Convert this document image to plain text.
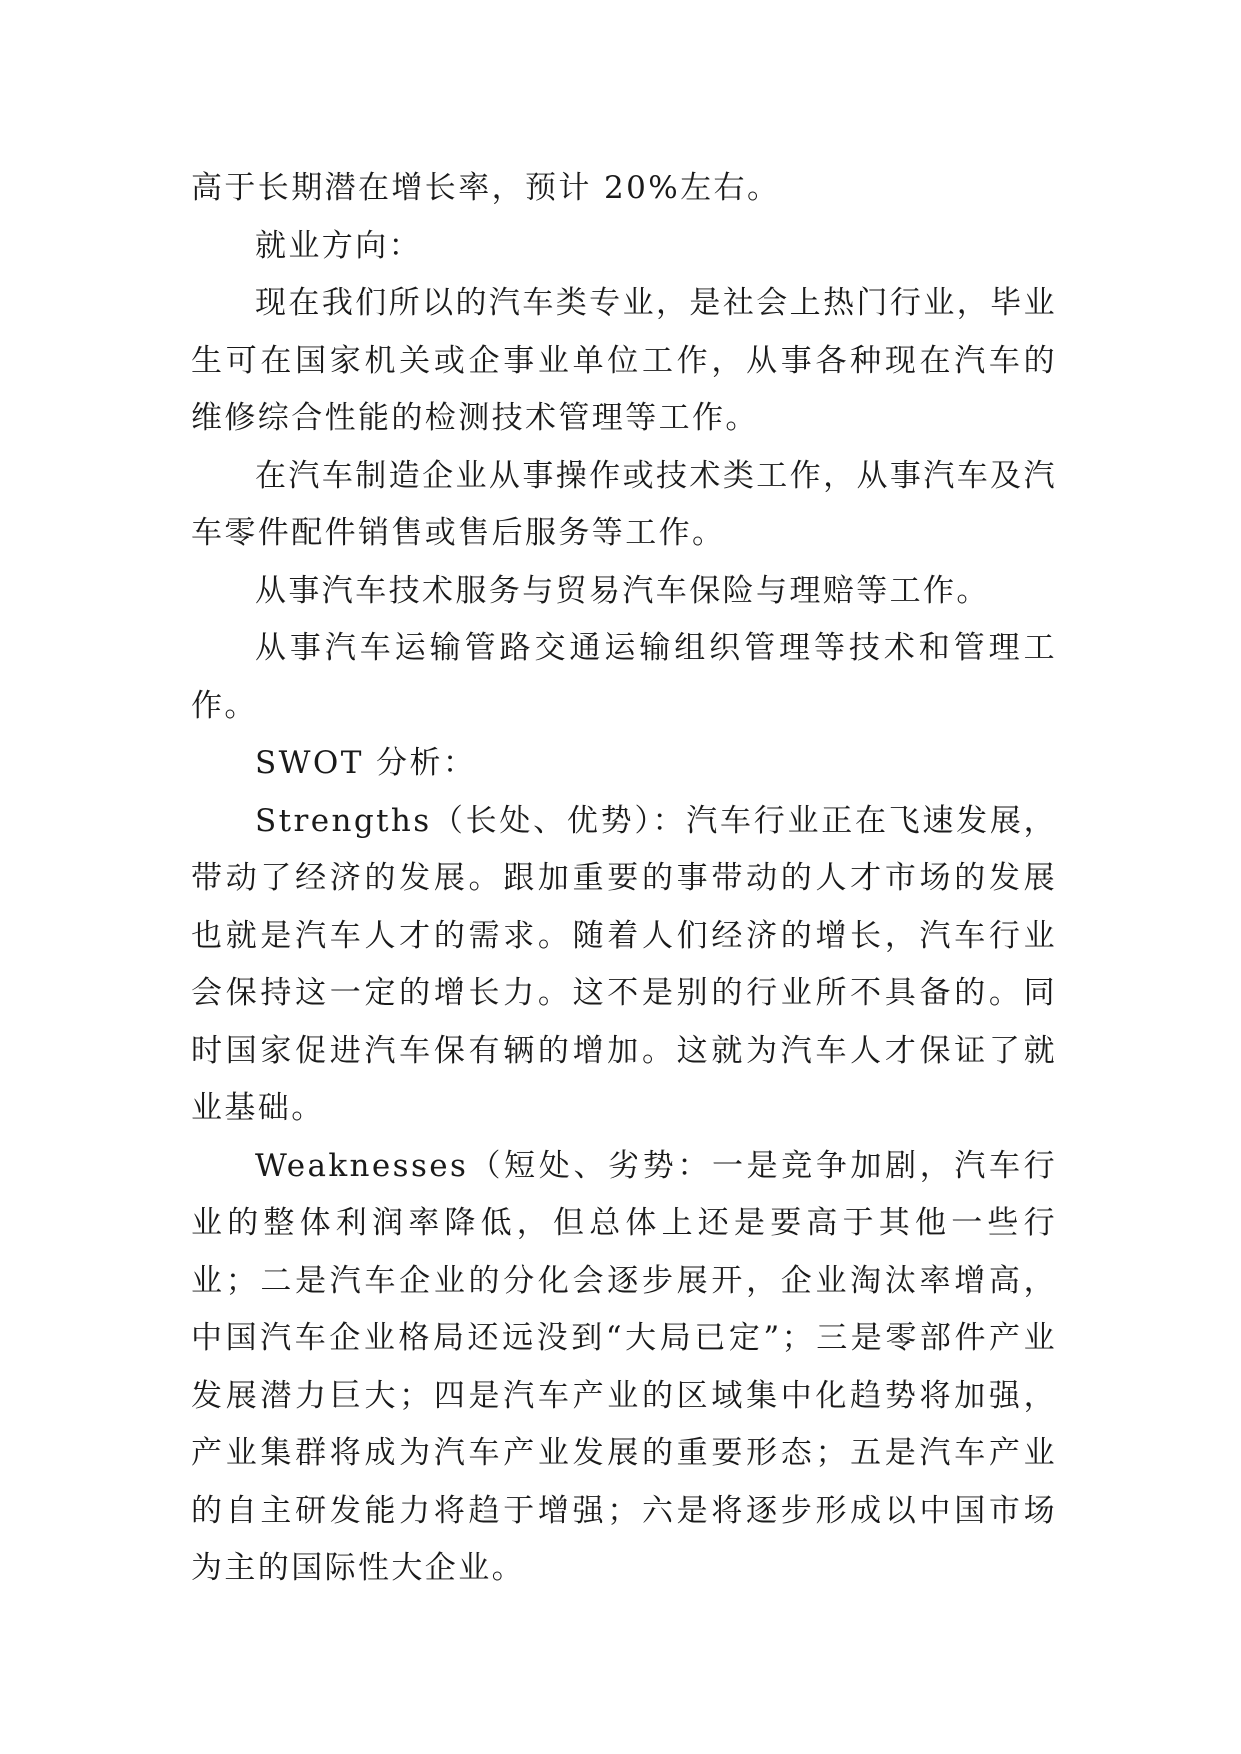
高于长期潜在增长率，预计 20%左右。

就业方向：

现在我们所以的汽车类专业，是社会上热门行业，毕业生可在国家机关或企事业单位工作，从事各种现在汽车的维修综合性能的检测技术管理等工作。

在汽车制造企业从事操作或技术类工作，从事汽车及汽车零件配件销售或售后服务等工作。

从事汽车技术服务与贸易汽车保险与理赔等工作。

从事汽车运输管路交通运输组织管理等技术和管理工作。

SWOT 分析：

Strengths（长处、优势）：汽车行业正在飞速发展，带动了经济的发展。跟加重要的事带动的人才市场的发展也就是汽车人才的需求。随着人们经济的增长，汽车行业会保持这一定的增长力。这不是别的行业所不具备的。同时国家促进汽车保有辆的增加。这就为汽车人才保证了就业基础。

Weaknesses（短处、劣势：一是竞争加剧，汽车行业的整体利润率降低，但总体上还是要高于其他一些行业；二是汽车企业的分化会逐步展开，企业淘汰率增高，中国汽车企业格局还远没到“大局已定”；三是零部件产业发展潜力巨大；四是汽车产业的区域集中化趋势将加强，产业集群将成为汽车产业发展的重要形态；五是汽车产业的自主研发能力将趋于增强；六是将逐步形成以中国市场为主的国际性大企业。
